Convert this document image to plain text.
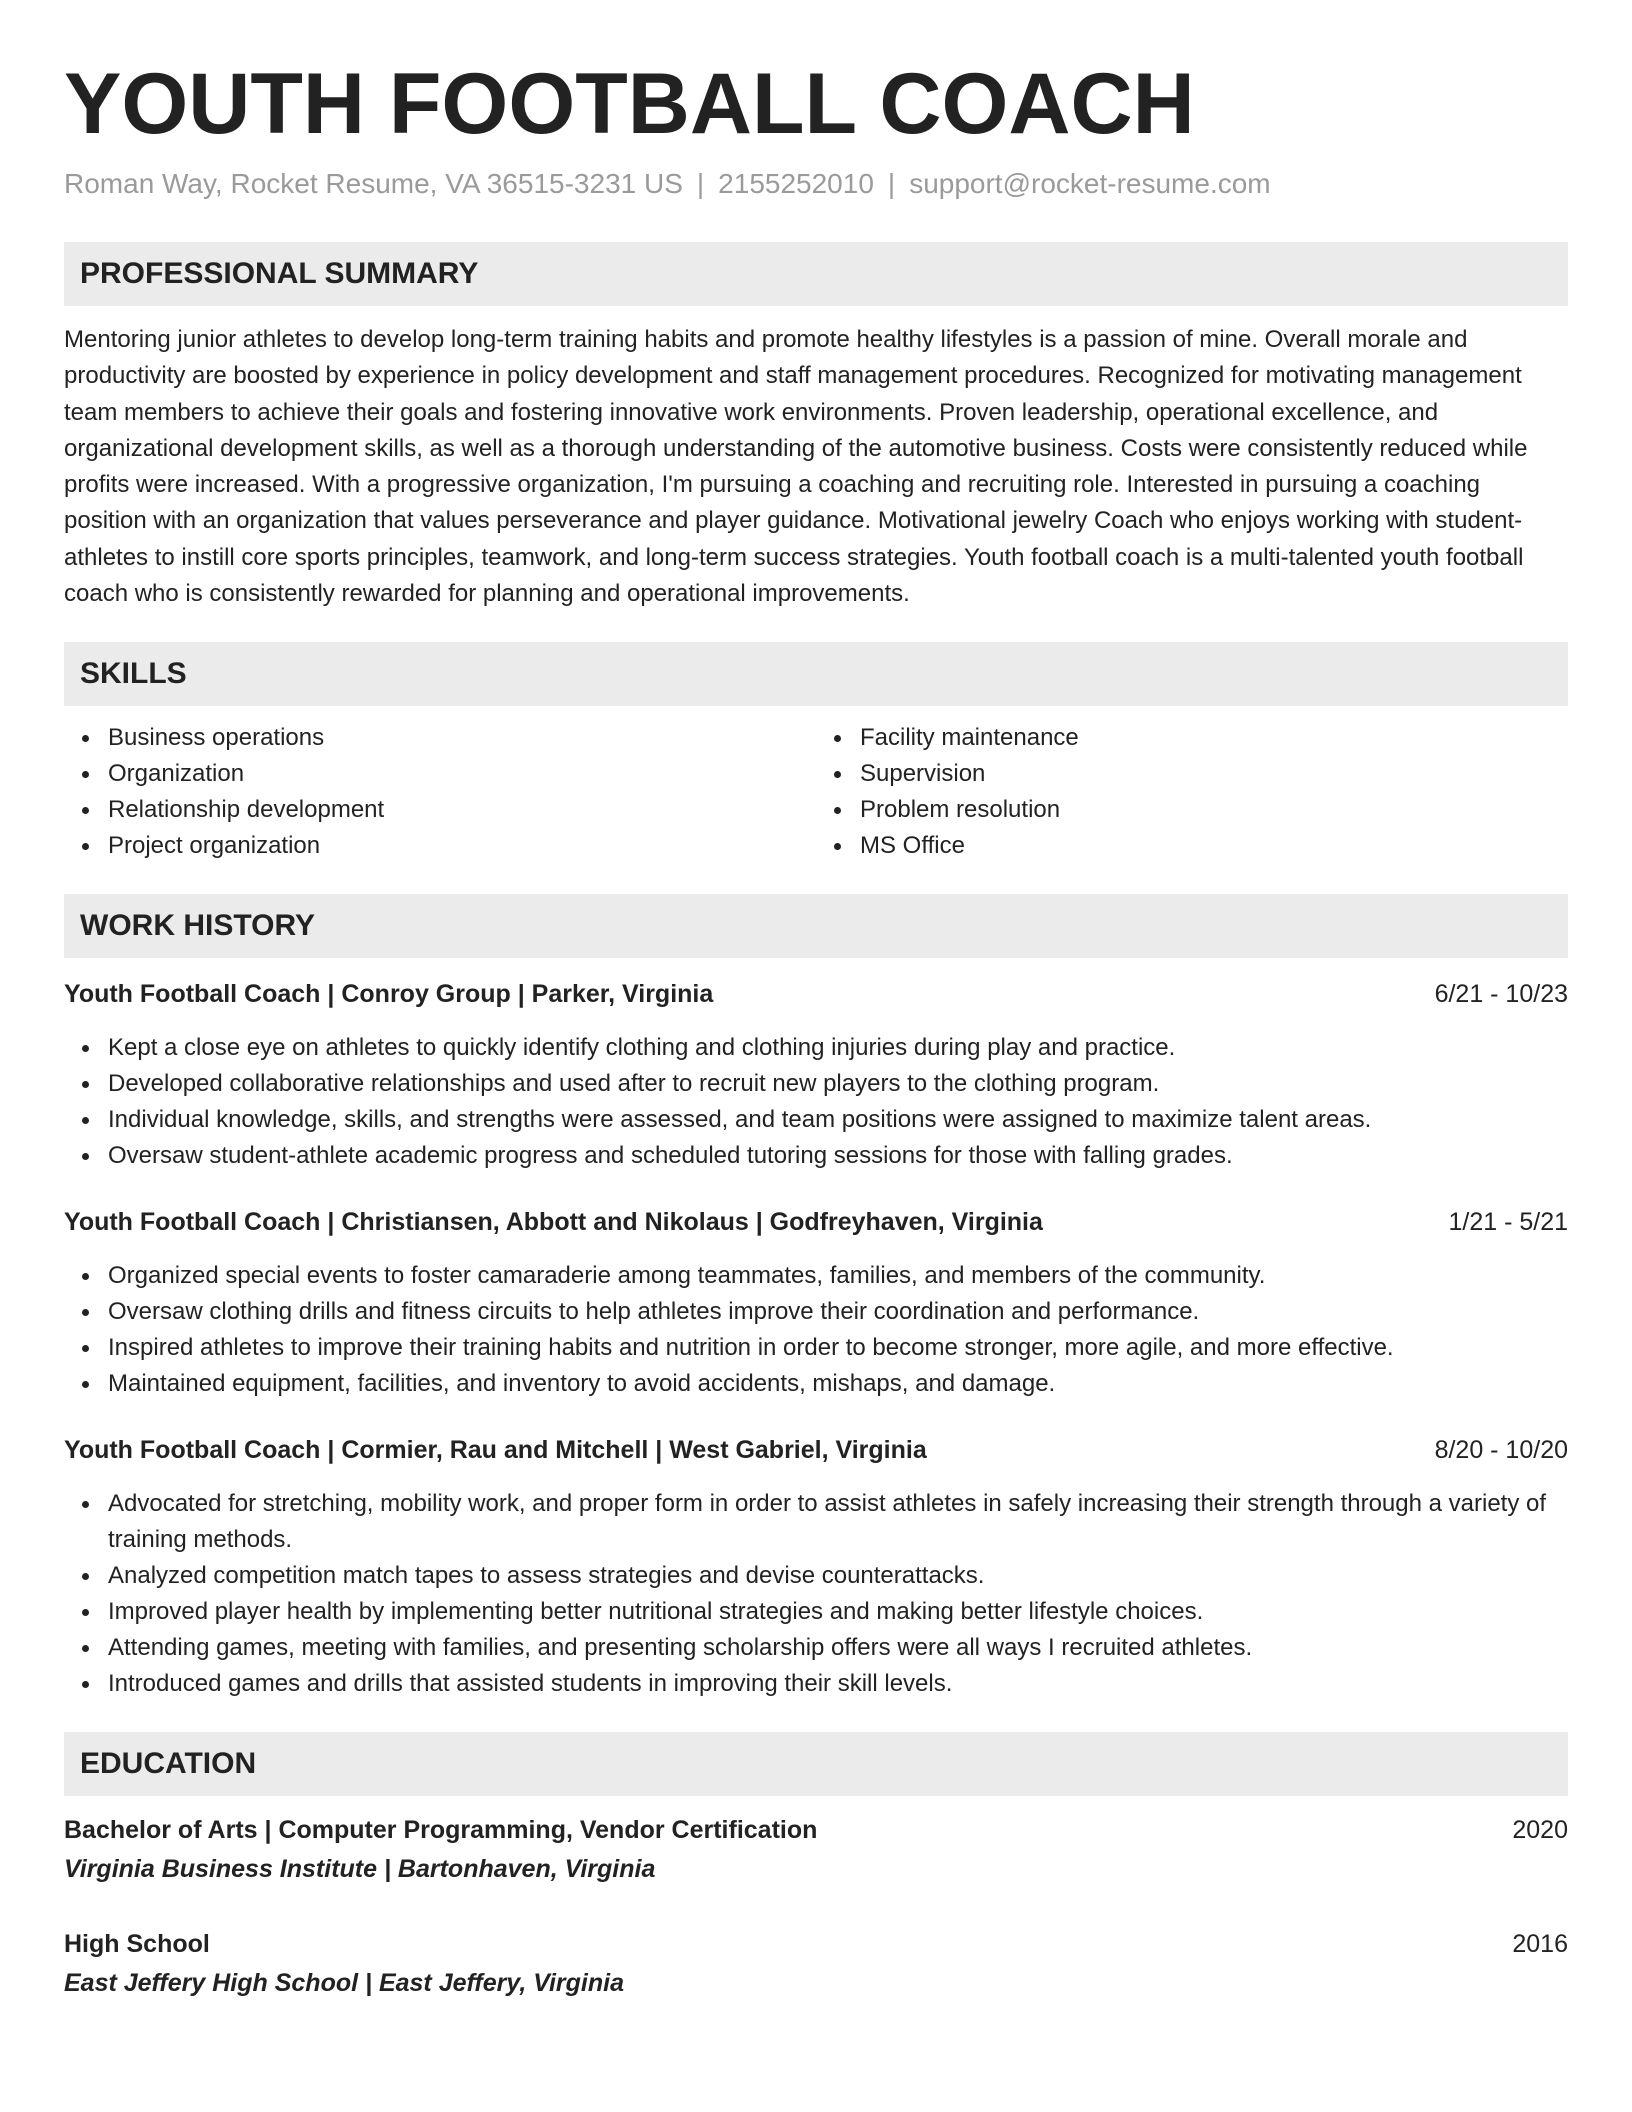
YOUTH FOOTBALL COACH
Roman Way, Rocket Resume, VA 36515-3231 US | 2155252010 | support@rocket-resume.com
PROFESSIONAL SUMMARY
Mentoring junior athletes to develop long-term training habits and promote healthy lifestyles is a passion of mine. Overall morale and productivity are boosted by experience in policy development and staff management procedures. Recognized for motivating management team members to achieve their goals and fostering innovative work environments. Proven leadership, operational excellence, and organizational development skills, as well as a thorough understanding of the automotive business. Costs were consistently reduced while profits were increased. With a progressive organization, I'm pursuing a coaching and recruiting role. Interested in pursuing a coaching position with an organization that values perseverance and player guidance. Motivational jewelry Coach who enjoys working with student-athletes to instill core sports principles, teamwork, and long-term success strategies. Youth football coach is a multi-talented youth football coach who is consistently rewarded for planning and operational improvements.
SKILLS
Business operations
Organization
Relationship development
Project organization
Facility maintenance
Supervision
Problem resolution
MS Office
WORK HISTORY
Youth Football Coach | Conroy Group | Parker, Virginia	6/21 - 10/23
Kept a close eye on athletes to quickly identify clothing and clothing injuries during play and practice.
Developed collaborative relationships and used after to recruit new players to the clothing program.
Individual knowledge, skills, and strengths were assessed, and team positions were assigned to maximize talent areas.
Oversaw student-athlete academic progress and scheduled tutoring sessions for those with falling grades.
Youth Football Coach | Christiansen, Abbott and Nikolaus | Godfreyhaven, Virginia	1/21 - 5/21
Organized special events to foster camaraderie among teammates, families, and members of the community.
Oversaw clothing drills and fitness circuits to help athletes improve their coordination and performance.
Inspired athletes to improve their training habits and nutrition in order to become stronger, more agile, and more effective.
Maintained equipment, facilities, and inventory to avoid accidents, mishaps, and damage.
Youth Football Coach | Cormier, Rau and Mitchell | West Gabriel, Virginia	8/20 - 10/20
Advocated for stretching, mobility work, and proper form in order to assist athletes in safely increasing their strength through a variety of training methods.
Analyzed competition match tapes to assess strategies and devise counterattacks.
Improved player health by implementing better nutritional strategies and making better lifestyle choices.
Attending games, meeting with families, and presenting scholarship offers were all ways I recruited athletes.
Introduced games and drills that assisted students in improving their skill levels.
EDUCATION
Bachelor of Arts | Computer Programming, Vendor Certification	2020
Virginia Business Institute | Bartonhaven, Virginia
High School	2016
East Jeffery High School | East Jeffery, Virginia
